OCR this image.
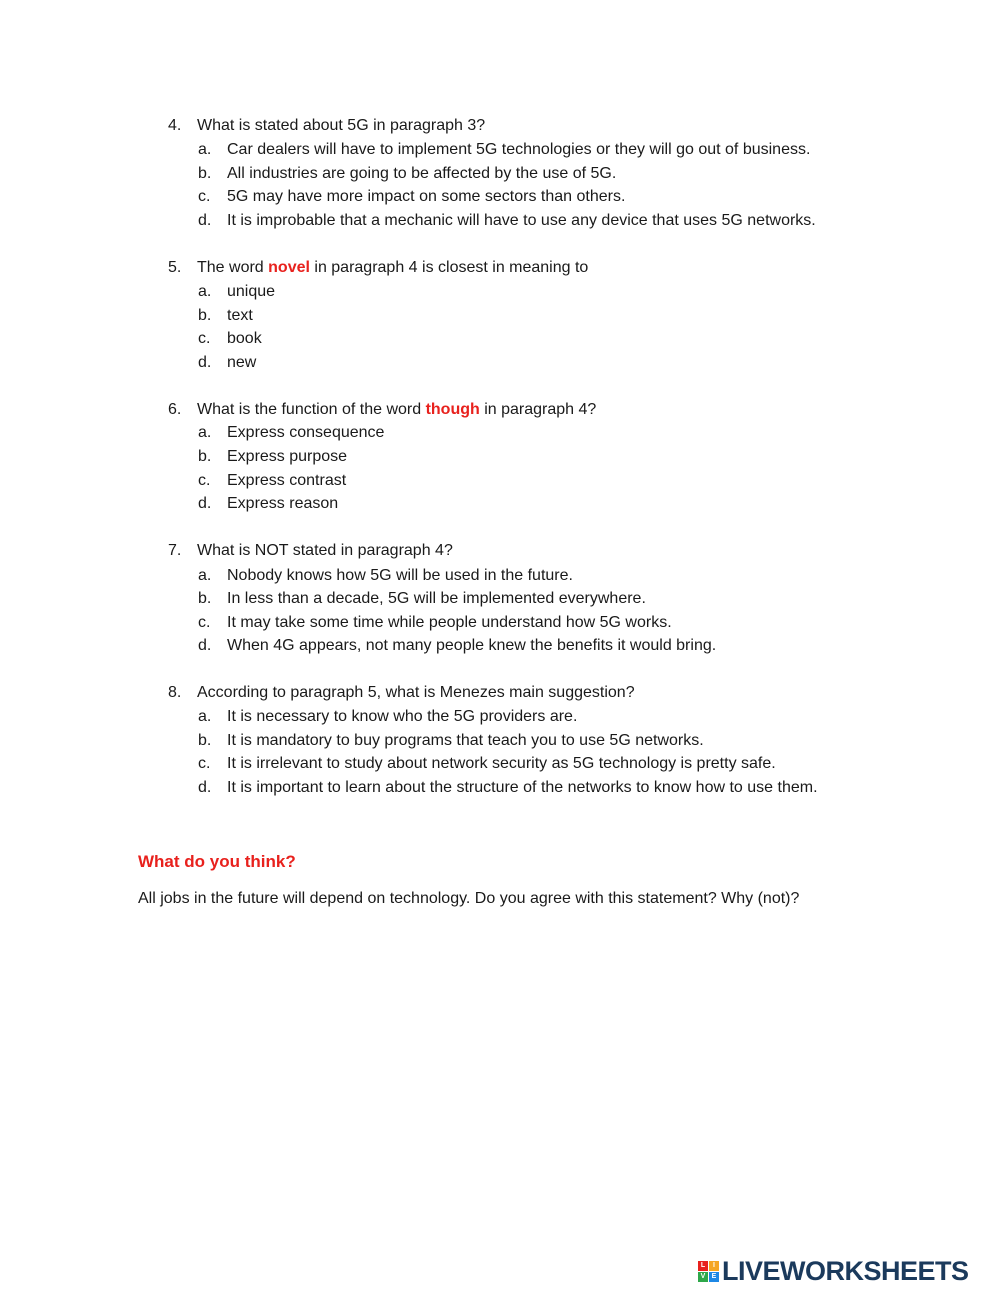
4. What is stated about 5G in paragraph 3?
a. Car dealers will have to implement 5G technologies or they will go out of business.
b. All industries are going to be affected by the use of 5G.
c. 5G may have more impact on some sectors than others.
d. It is improbable that a mechanic will have to use any device that uses 5G networks.
5. The word novel in paragraph 4 is closest in meaning to
a. unique
b. text
c. book
d. new
6. What is the function of the word though in paragraph 4?
a. Express consequence
b. Express purpose
c. Express contrast
d. Express reason
7. What is NOT stated in paragraph 4?
a. Nobody knows how 5G will be used in the future.
b. In less than a decade, 5G will be implemented everywhere.
c. It may take some time while people understand how 5G works.
d. When 4G appears, not many people knew the benefits it would bring.
8. According to paragraph 5, what is Menezes main suggestion?
a. It is necessary to know who the 5G providers are.
b. It is mandatory to buy programs that teach you to use 5G networks.
c. It is irrelevant to study about network security as 5G technology is pretty safe.
d. It is important to learn about the structure of the networks to know how to use them.
What do you think?
All jobs in the future will depend on technology. Do you agree with this statement? Why (not)?
L	I
V E LIVEWORKSHEETS
